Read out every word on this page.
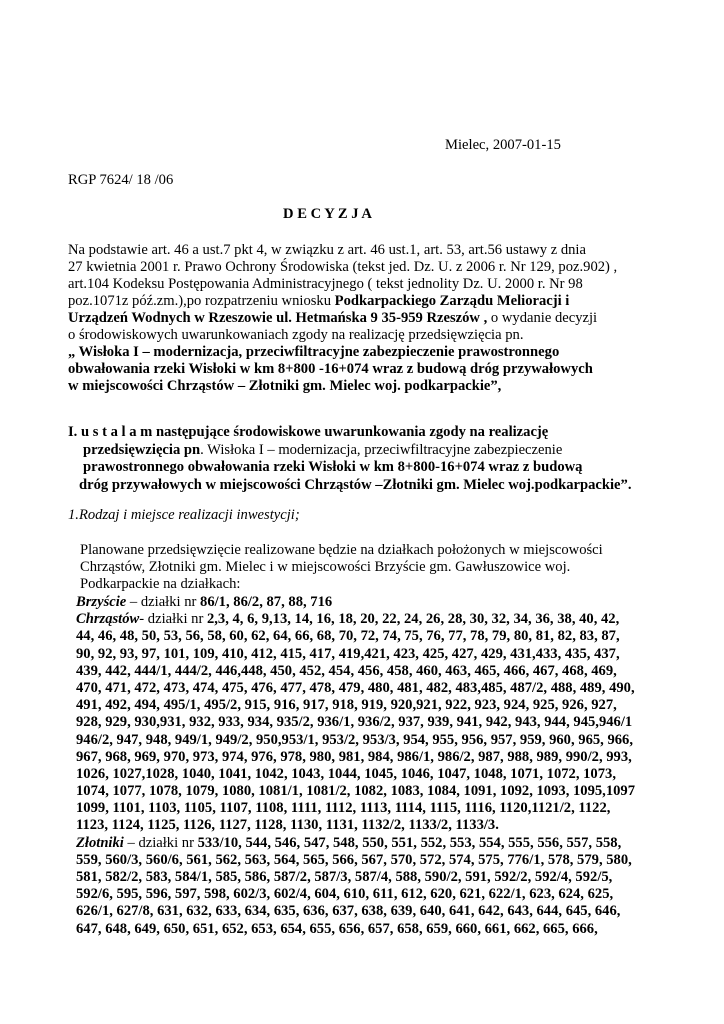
Mielec, 2007-01-15
RGP 7624/ 18 /06
D E C Y Z J A
Na podstawie art. 46 a ust.7 pkt 4, w związku z art. 46 ust.1, art. 53, art.56 ustawy z dnia
27 kwietnia 2001 r. Prawo Ochrony Środowiska (tekst jed. Dz. U. z 2006 r. Nr 129, poz.902) ,
art.104 Kodeksu Postępowania Administracyjnego ( tekst jednolity Dz. U. 2000 r. Nr 98
poz.1071z póź.zm.),po rozpatrzeniu wniosku Podkarpackiego Zarządu Melioracji i
Urządzeń Wodnych w Rzeszowie ul. Hetmańska 9 35-959 Rzeszów , o wydanie decyzji
o środowiskowych uwarunkowaniach zgody na realizację przedsięwzięcia pn.
„ Wisłoka I – modernizacja, przeciwfiltracyjne zabezpieczenie prawostronnego
obwałowania rzeki Wisłoki w km 8+800 -16+074 wraz z budową dróg przywałowych
w miejscowości Chrząstów – Złotniki gm. Mielec woj. podkarpackie”,
I. u s t a l a m następujące środowiskowe uwarunkowania zgody na realizację
przedsięwzięcia pn. Wisłoka I – modernizacja, przeciwfiltracyjne zabezpieczenie
prawostronnego obwałowania rzeki Wisłoki w km 8+800-16+074 wraz z budową
dróg przywałowych w miejscowości Chrząstów –Złotniki gm. Mielec woj.podkarpackie”.
1.Rodzaj i miejsce realizacji inwestycji;
Planowane przedsięwzięcie realizowane będzie na działkach położonych w miejscowości
Chrząstów, Złotniki gm. Mielec i w miejscowości Brzyście gm. Gawłuszowice woj.
Podkarpackie na działkach:
Brzyście – działki nr 86/1, 86/2, 87, 88, 716
Chrząstów- działki nr 2,3, 4, 6, 9,13, 14, 16, 18, 20, 22, 24, 26, 28, 30, 32, 34, 36, 38, 40, 42,
44, 46, 48, 50, 53, 56, 58, 60, 62, 64, 66, 68, 70, 72, 74, 75, 76, 77, 78, 79, 80, 81, 82, 83, 87,
90, 92, 93, 97, 101, 109, 410, 412, 415, 417, 419,421, 423, 425, 427, 429, 431,433, 435, 437,
439, 442, 444/1, 444/2, 446,448, 450, 452, 454, 456, 458, 460, 463, 465, 466, 467, 468, 469,
470, 471, 472, 473, 474, 475, 476, 477, 478, 479, 480, 481, 482, 483,485, 487/2, 488, 489, 490,
491, 492, 494, 495/1, 495/2, 915, 916, 917, 918, 919, 920,921, 922, 923, 924, 925, 926, 927,
928, 929, 930,931, 932, 933, 934, 935/2, 936/1, 936/2, 937, 939, 941, 942, 943, 944, 945,946/1
946/2, 947, 948, 949/1, 949/2, 950,953/1, 953/2, 953/3, 954, 955, 956, 957, 959, 960, 965, 966,
967, 968, 969, 970, 973, 974, 976, 978, 980, 981, 984, 986/1, 986/2, 987, 988, 989, 990/2, 993,
1026, 1027,1028, 1040, 1041, 1042, 1043, 1044, 1045, 1046, 1047, 1048, 1071, 1072, 1073,
1074, 1077, 1078, 1079, 1080, 1081/1, 1081/2, 1082, 1083, 1084, 1091, 1092, 1093, 1095,1097
1099, 1101, 1103, 1105, 1107, 1108, 1111, 1112, 1113, 1114, 1115, 1116, 1120,1121/2, 1122,
1123, 1124, 1125, 1126, 1127, 1128, 1130, 1131, 1132/2, 1133/2, 1133/3.
Złotniki – działki nr 533/10, 544, 546, 547, 548, 550, 551, 552, 553, 554, 555, 556, 557, 558,
559, 560/3, 560/6, 561, 562, 563, 564, 565, 566, 567, 570, 572, 574, 575, 776/1, 578, 579, 580,
581, 582/2, 583, 584/1, 585, 586, 587/2, 587/3, 587/4, 588, 590/2, 591, 592/2, 592/4, 592/5,
592/6, 595, 596, 597, 598, 602/3, 602/4, 604, 610, 611, 612, 620, 621, 622/1, 623, 624, 625,
626/1, 627/8, 631, 632, 633, 634, 635, 636, 637, 638, 639, 640, 641, 642, 643, 644, 645, 646,
647, 648, 649, 650, 651, 652, 653, 654, 655, 656, 657, 658, 659, 660, 661, 662, 665, 666,
